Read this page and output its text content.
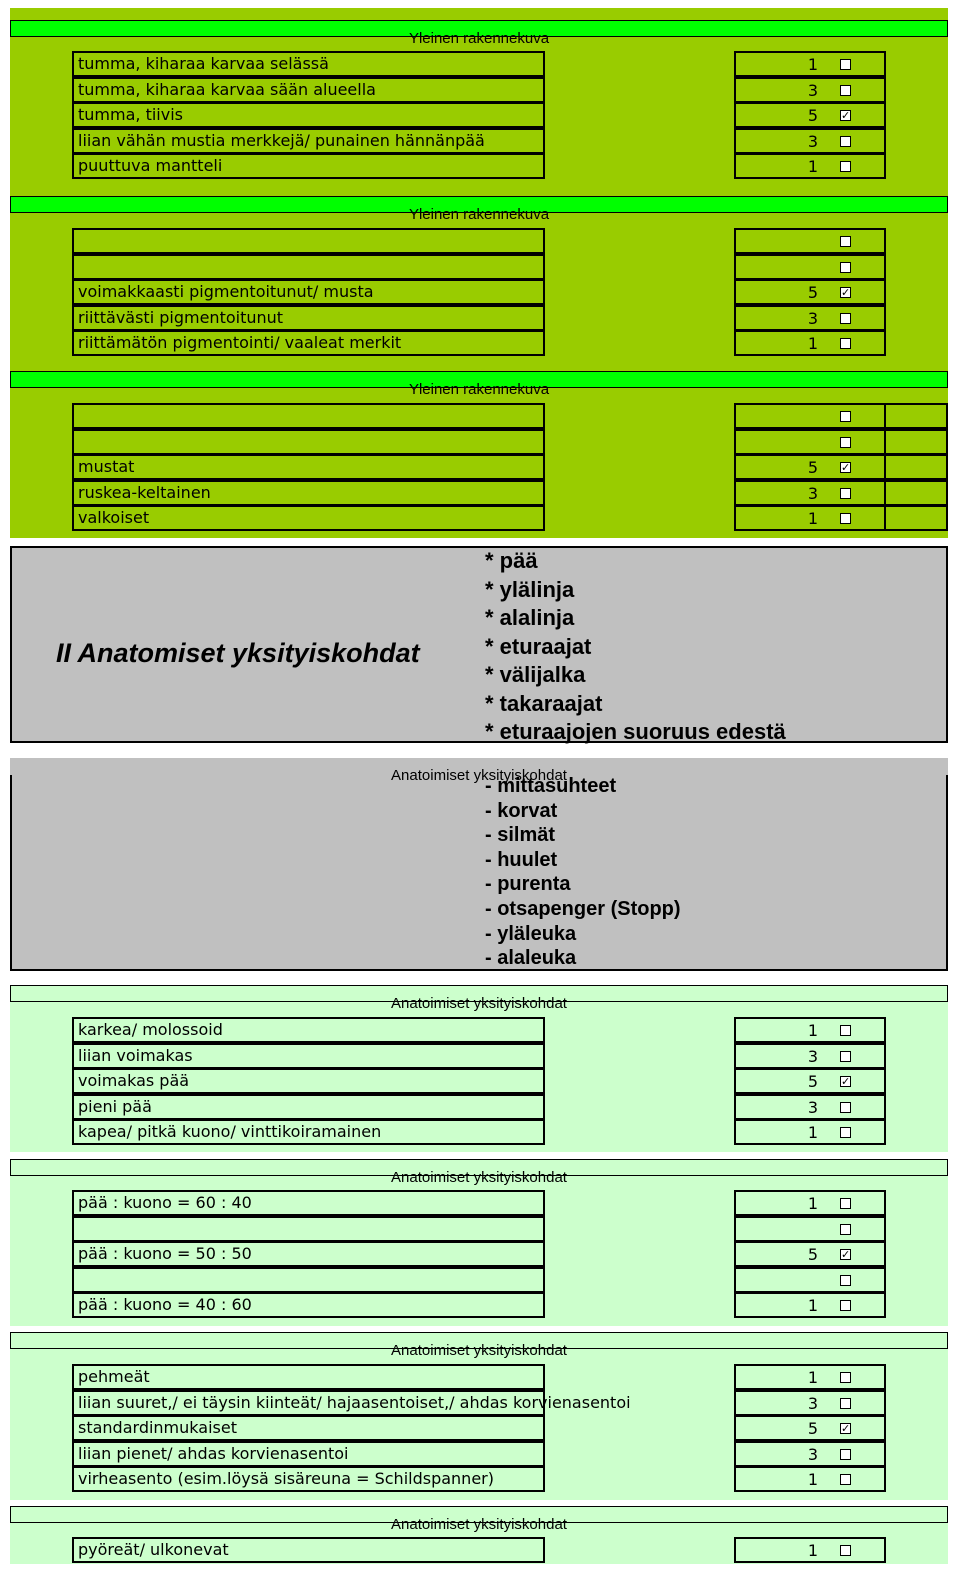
II Anatomiset yksityiskohdat
* pää
* ylälinja
* alalinja
* eturaajat
* välijalka
* takaraajat
* eturaajojen suoruus edestä
- mittasuhteet
- korvat
- silmät
- huulet
- purenta
- otsapenger (Stopp)
- yläleuka
- alaleuka
tumma, kiharaa karvaa selässä	1
tumma, kiharaa karvaa sään alueella	3
tumma, tiivis	5 ✓
liian vähän mustia merkkejä/ punainen hännänpää	3
puuttuva mantteli	1
voimakkaasti pigmentoitunut/ musta	5 ✓
riittävästi pigmentoitunut	3
riittämätön pigmentointi/ vaaleat merkit	1
mustat	5 ✓
ruskea-keltainen	3
valkoiset	1
karkea/ molossoid	1
liian voimakas	3
voimakas pää	5 ✓
pieni pää	3
kapea/ pitkä kuono/ vinttikoiramainen	1
pää : kuono = 60 : 40	1
pää : kuono = 50 : 50	5 ✓
pää : kuono = 40 : 60	1
pehmeät	1
liian suuret,/ ei täysin kiinteät/ hajaasentoiset,/ ahdas korvienasentoi	3
standardinmukaiset	5 ✓
liian pienet/ ahdas korvienasentoi	3
virheasento (esim.löysä sisäreuna = Schildspanner)	1
pyöreät/ ulkonevat	1
